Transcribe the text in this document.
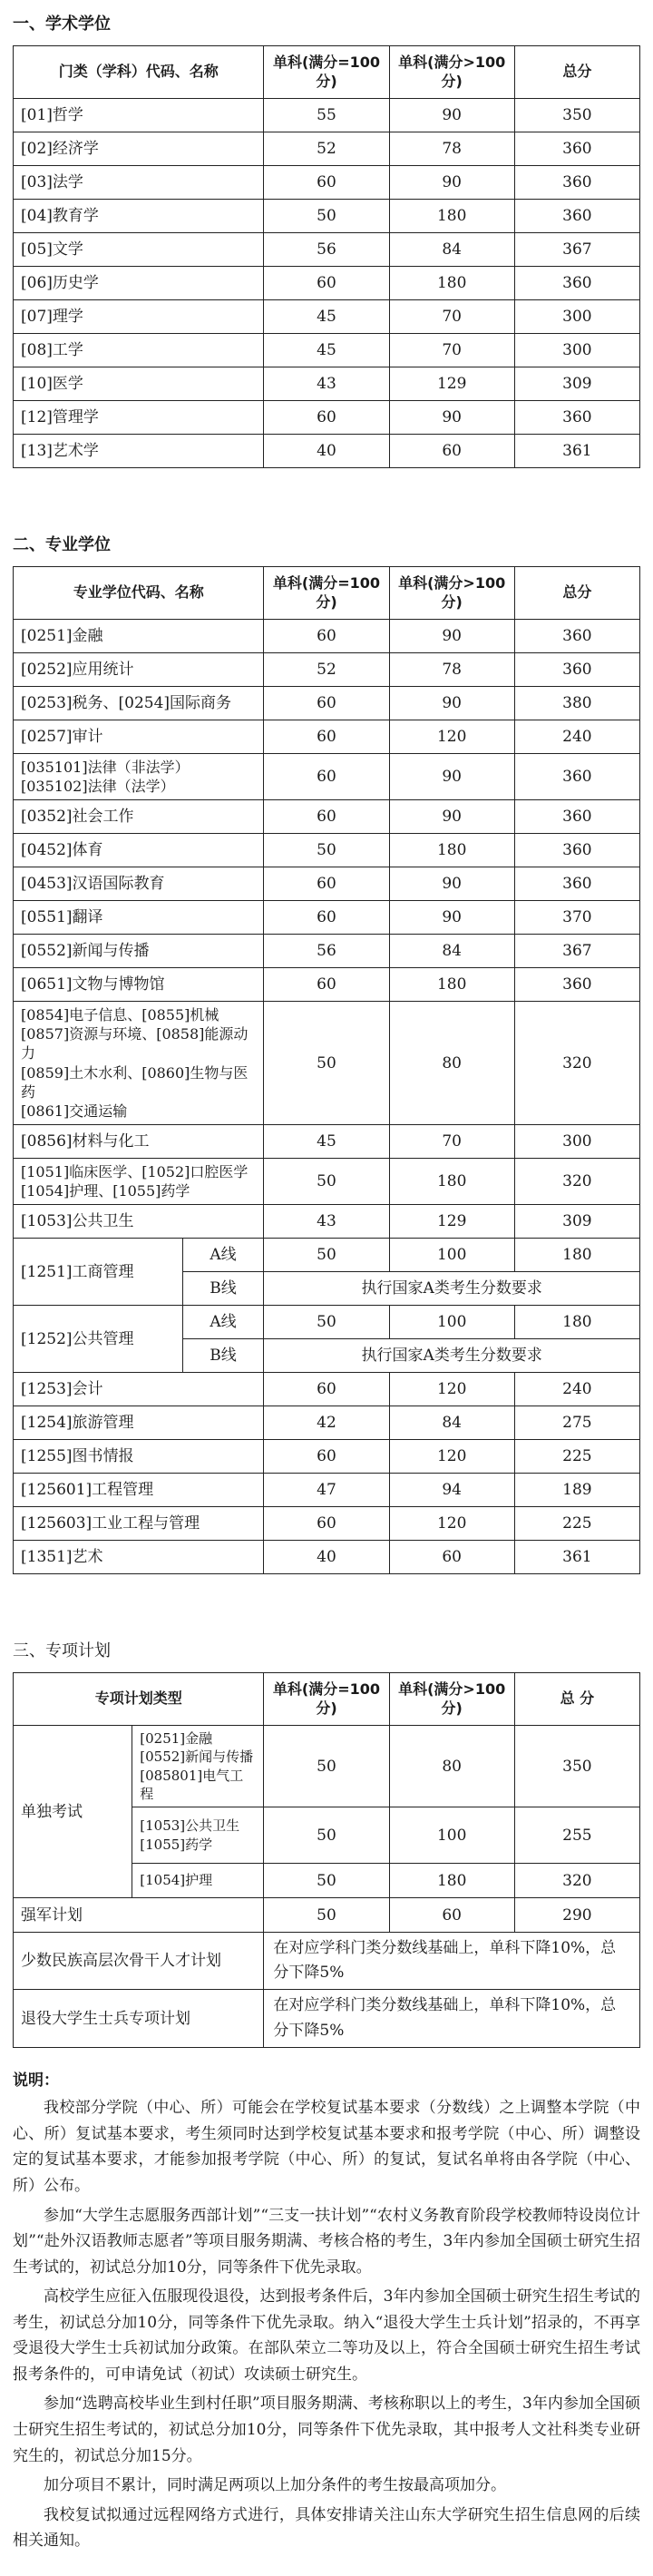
一、学术学位
门类（学科）代码、名称	单科(满分=100分)	单科(满分>100分)	总分
[01]哲学	55	90	350
[02]经济学	52	78	360
[03]法学	60	90	360
[04]教育学	50	180	360
[05]文学	56	84	367
[06]历史学	60	180	360
[07]理学	45	70	300
[08]工学	45	70	300
[10]医学	43	129	309
[12]管理学	60	90	360
[13]艺术学	40	60	361
二、专业学位
专业学位代码、名称		单科(满分=100分)	单科(满分>100分)	总分
[0251]金融		60	90	360
[0252]应用统计		52	78	360
[0253]税务、[0254]国际商务		60	90	380
[0257]审计		60	120	240
[035101]法律（非法学）
[035102]法律（法学）		60	90	360
[0352]社会工作		60	90	360
[0452]体育		50	180	360
[0453]汉语国际教育		60	90	360
[0551]翻译		60	90	370
[0552]新闻与传播		56	84	367
[0651]文物与博物馆		60	180	360
[0854]电子信息、[0855]机械
[0857]资源与环境、[0858]能源动力
[0859]土木水利、[0860]生物与医药
[0861]交通运输		50	80	320
[0856]材料与化工		45	70	300
[1051]临床医学、[1052]口腔医学
[1054]护理、[1055]药学		50	180	320
[1053]公共卫生		43	129	309
[1251]工商管理	A线	50	100	180
	B线	执行国家A类考生分数要求		
[1252]公共管理	A线	50	100	180
	B线	执行国家A类考生分数要求		
[1253]会计		60	120	240
[1254]旅游管理		42	84	275
[1255]图书情报		60	120	225
[125601]工程管理		47	94	189
[125603]工业工程与管理		60	120	225
[1351]艺术		40	60	361
三、专项计划
专项计划类型		单科(满分=100分)	单科(满分>100分)	总 分
单独考试	[0251]金融
[0552]新闻与传播
[085801]电气工程	50	80	350
	[1053]公共卫生
[1055]药学	50	100	255
	[1054]护理	50	180	320
强军计划		50	60	290
少数民族高层次骨干人才计划		在对应学科门类分数线基础上，单科下降10%，总分下降5%		
退役大学生士兵专项计划		在对应学科门类分数线基础上，单科下降10%，总分下降5%		
说明：

我校部分学院（中心、所）可能会在学校复试基本要求（分数线）之上调整本学院（中心、所）复试基本要求，考生须同时达到学校复试基本要求和报考学院（中心、所）调整设定的复试基本要求，才能参加报考学院（中心、所）的复试，复试名单将由各学院（中心、所）公布。

参加“大学生志愿服务西部计划”“三支一扶计划”“农村义务教育阶段学校教师特设岗位计划”“赴外汉语教师志愿者”等项目服务期满、考核合格的考生，3年内参加全国硕士研究生招生考试的，初试总分加10分，同等条件下优先录取。

高校学生应征入伍服现役退役，达到报考条件后，3年内参加全国硕士研究生招生考试的考生，初试总分加10分，同等条件下优先录取。纳入“退役大学生士兵计划”招录的，不再享受退役大学生士兵初试加分政策。在部队荣立二等功及以上，符合全国硕士研究生招生考试报考条件的，可申请免试（初试）攻读硕士研究生。

参加“选聘高校毕业生到村任职”项目服务期满、考核称职以上的考生，3年内参加全国硕士研究生招生考试的，初试总分加10分，同等条件下优先录取，其中报考人文社科类专业研究生的，初试总分加15分。

加分项目不累计，同时满足两项以上加分条件的考生按最高项加分。

我校复试拟通过远程网络方式进行，具体安排请关注山东大学研究生招生信息网的后续相关通知。
